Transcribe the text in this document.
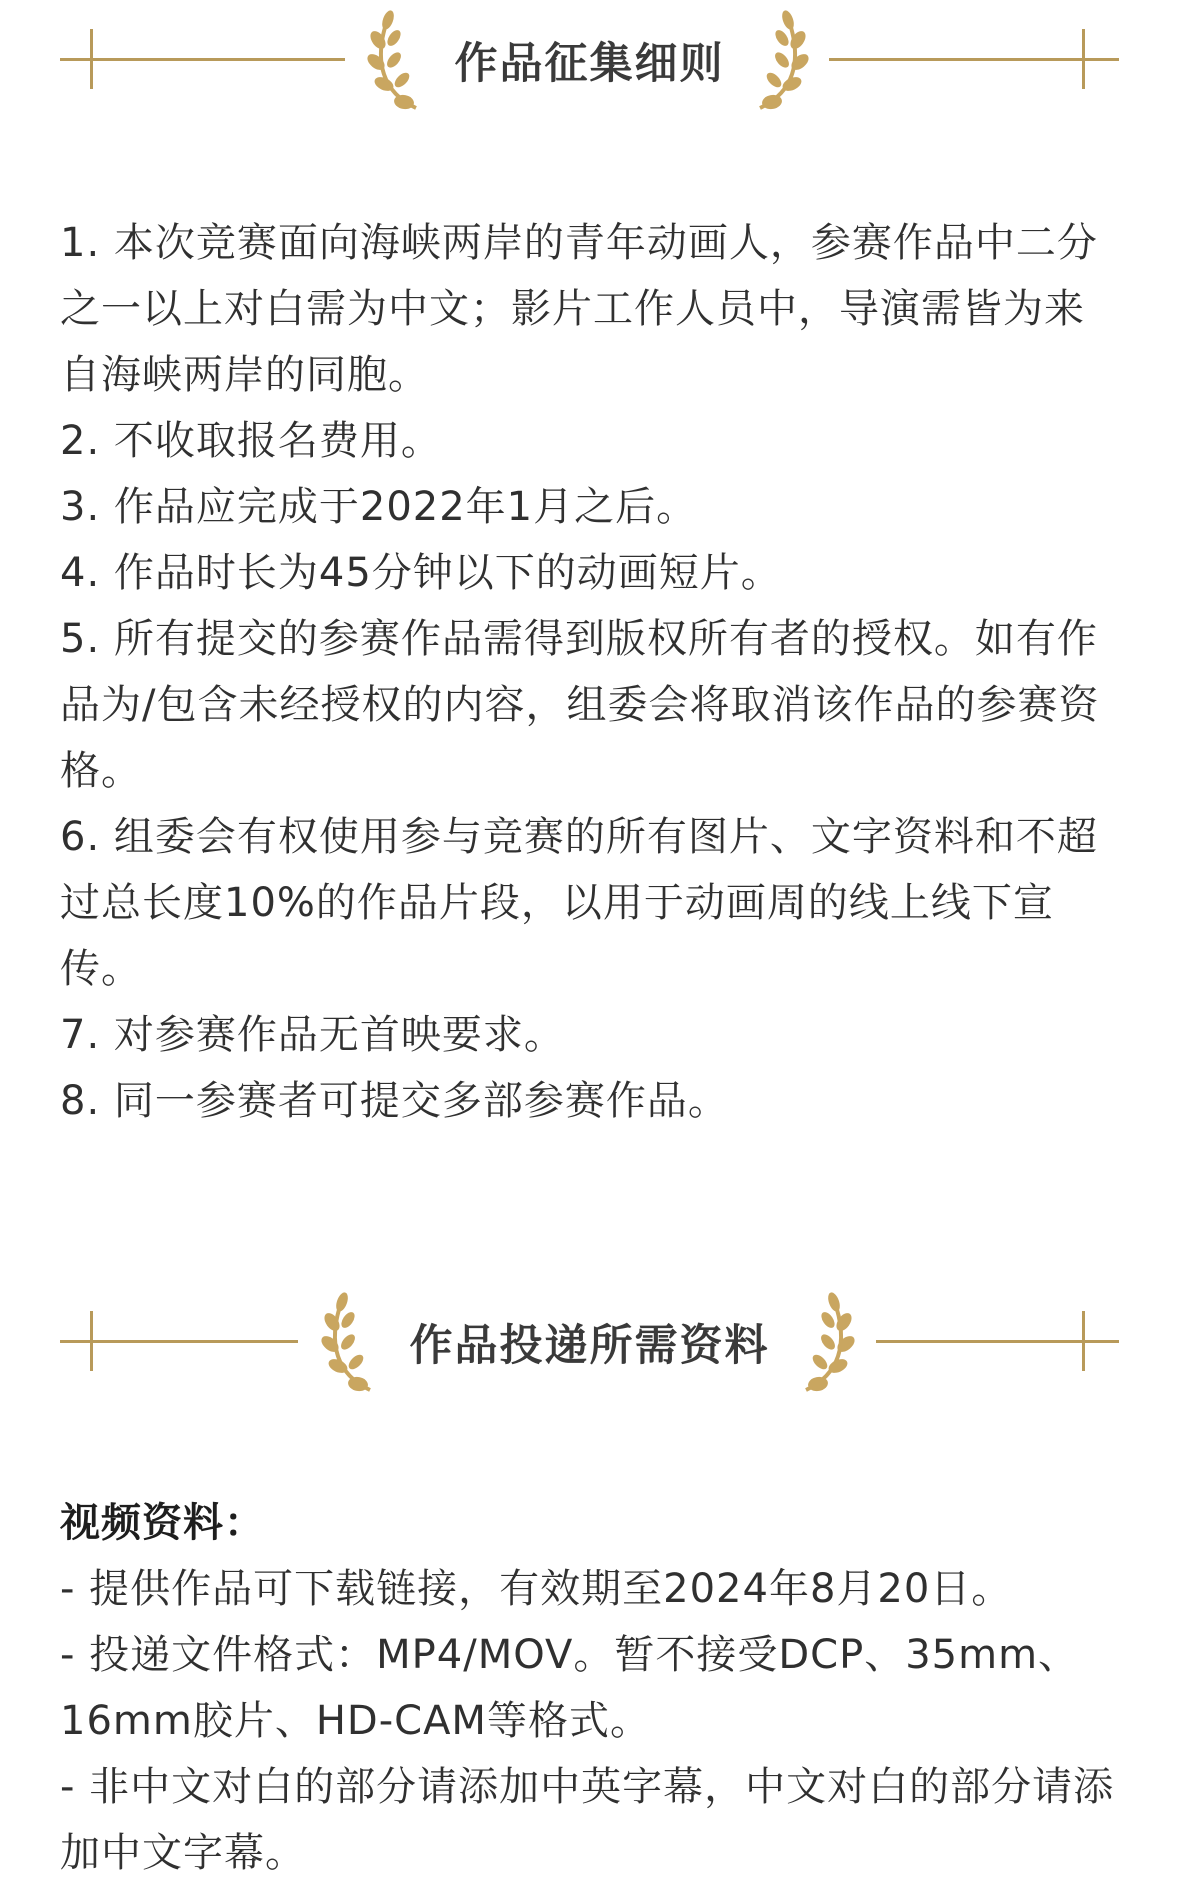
作品征集细则

1. 本次竞赛面向海峡两岸的青年动画人，参赛作品中二分之一以上对白需为中文；影片工作人员中，导演需皆为来自海峡两岸的同胞。

2. 不收取报名费用。

3. 作品应完成于2022年1月之后。

4. 作品时长为45分钟以下的动画短片。

5. 所有提交的参赛作品需得到版权所有者的授权。如有作品为/包含未经授权的内容，组委会将取消该作品的参赛资格。

6. 组委会有权使用参与竞赛的所有图片、文字资料和不超过总长度10%的作品片段，以用于动画周的线上线下宣传。

7. 对参赛作品无首映要求。

8. 同一参赛者可提交多部参赛作品。

作品投递所需资料

视频资料：

- 提供作品可下载链接，有效期至2024年8月20日。

- 投递文件格式：MP4/MOV。暂不接受DCP、35mm、16mm胶片、HD-CAM等格式。

- 非中文对白的部分请添加中英字幕，中文对白的部分请添加中文字幕。
